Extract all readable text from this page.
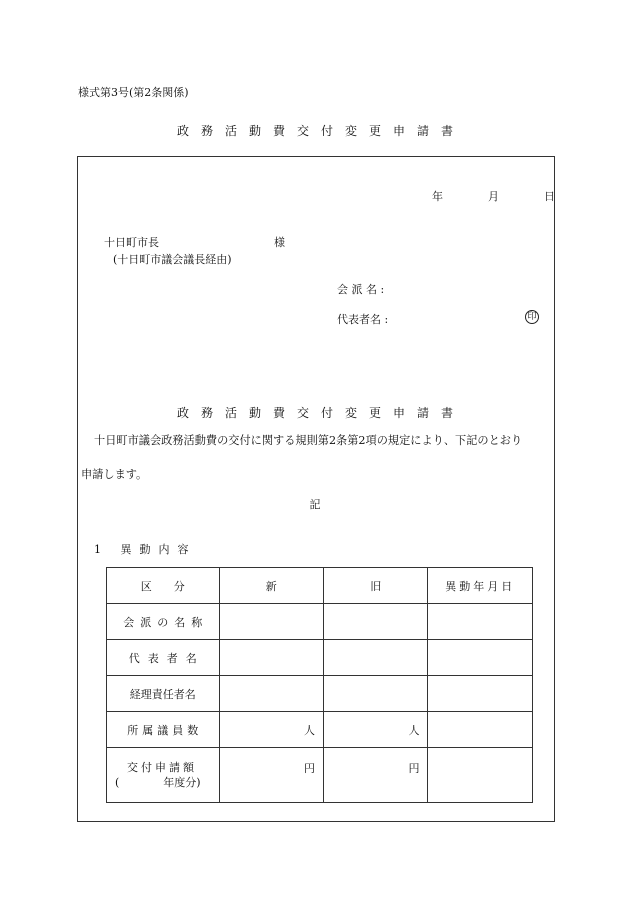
様式第3号(第2条関係)
政務活動費交付変更申請書
年	月	日
十日町市長	様
(十日町市議会議長経由)
会 派 名 :
代表者名 :	印
政務活動費交付変更申請書
十日町市議会政務活動費の交付に関する規則第2条第2項の規定により、下記のとおり
申請します。
記
1 異動内容
区分	新	旧	異動年月日
会派の名称			
代表者名			
経理責任者名			
所属議員数	人	人	

交付申請額
(　　　　年度分)	円	円	
